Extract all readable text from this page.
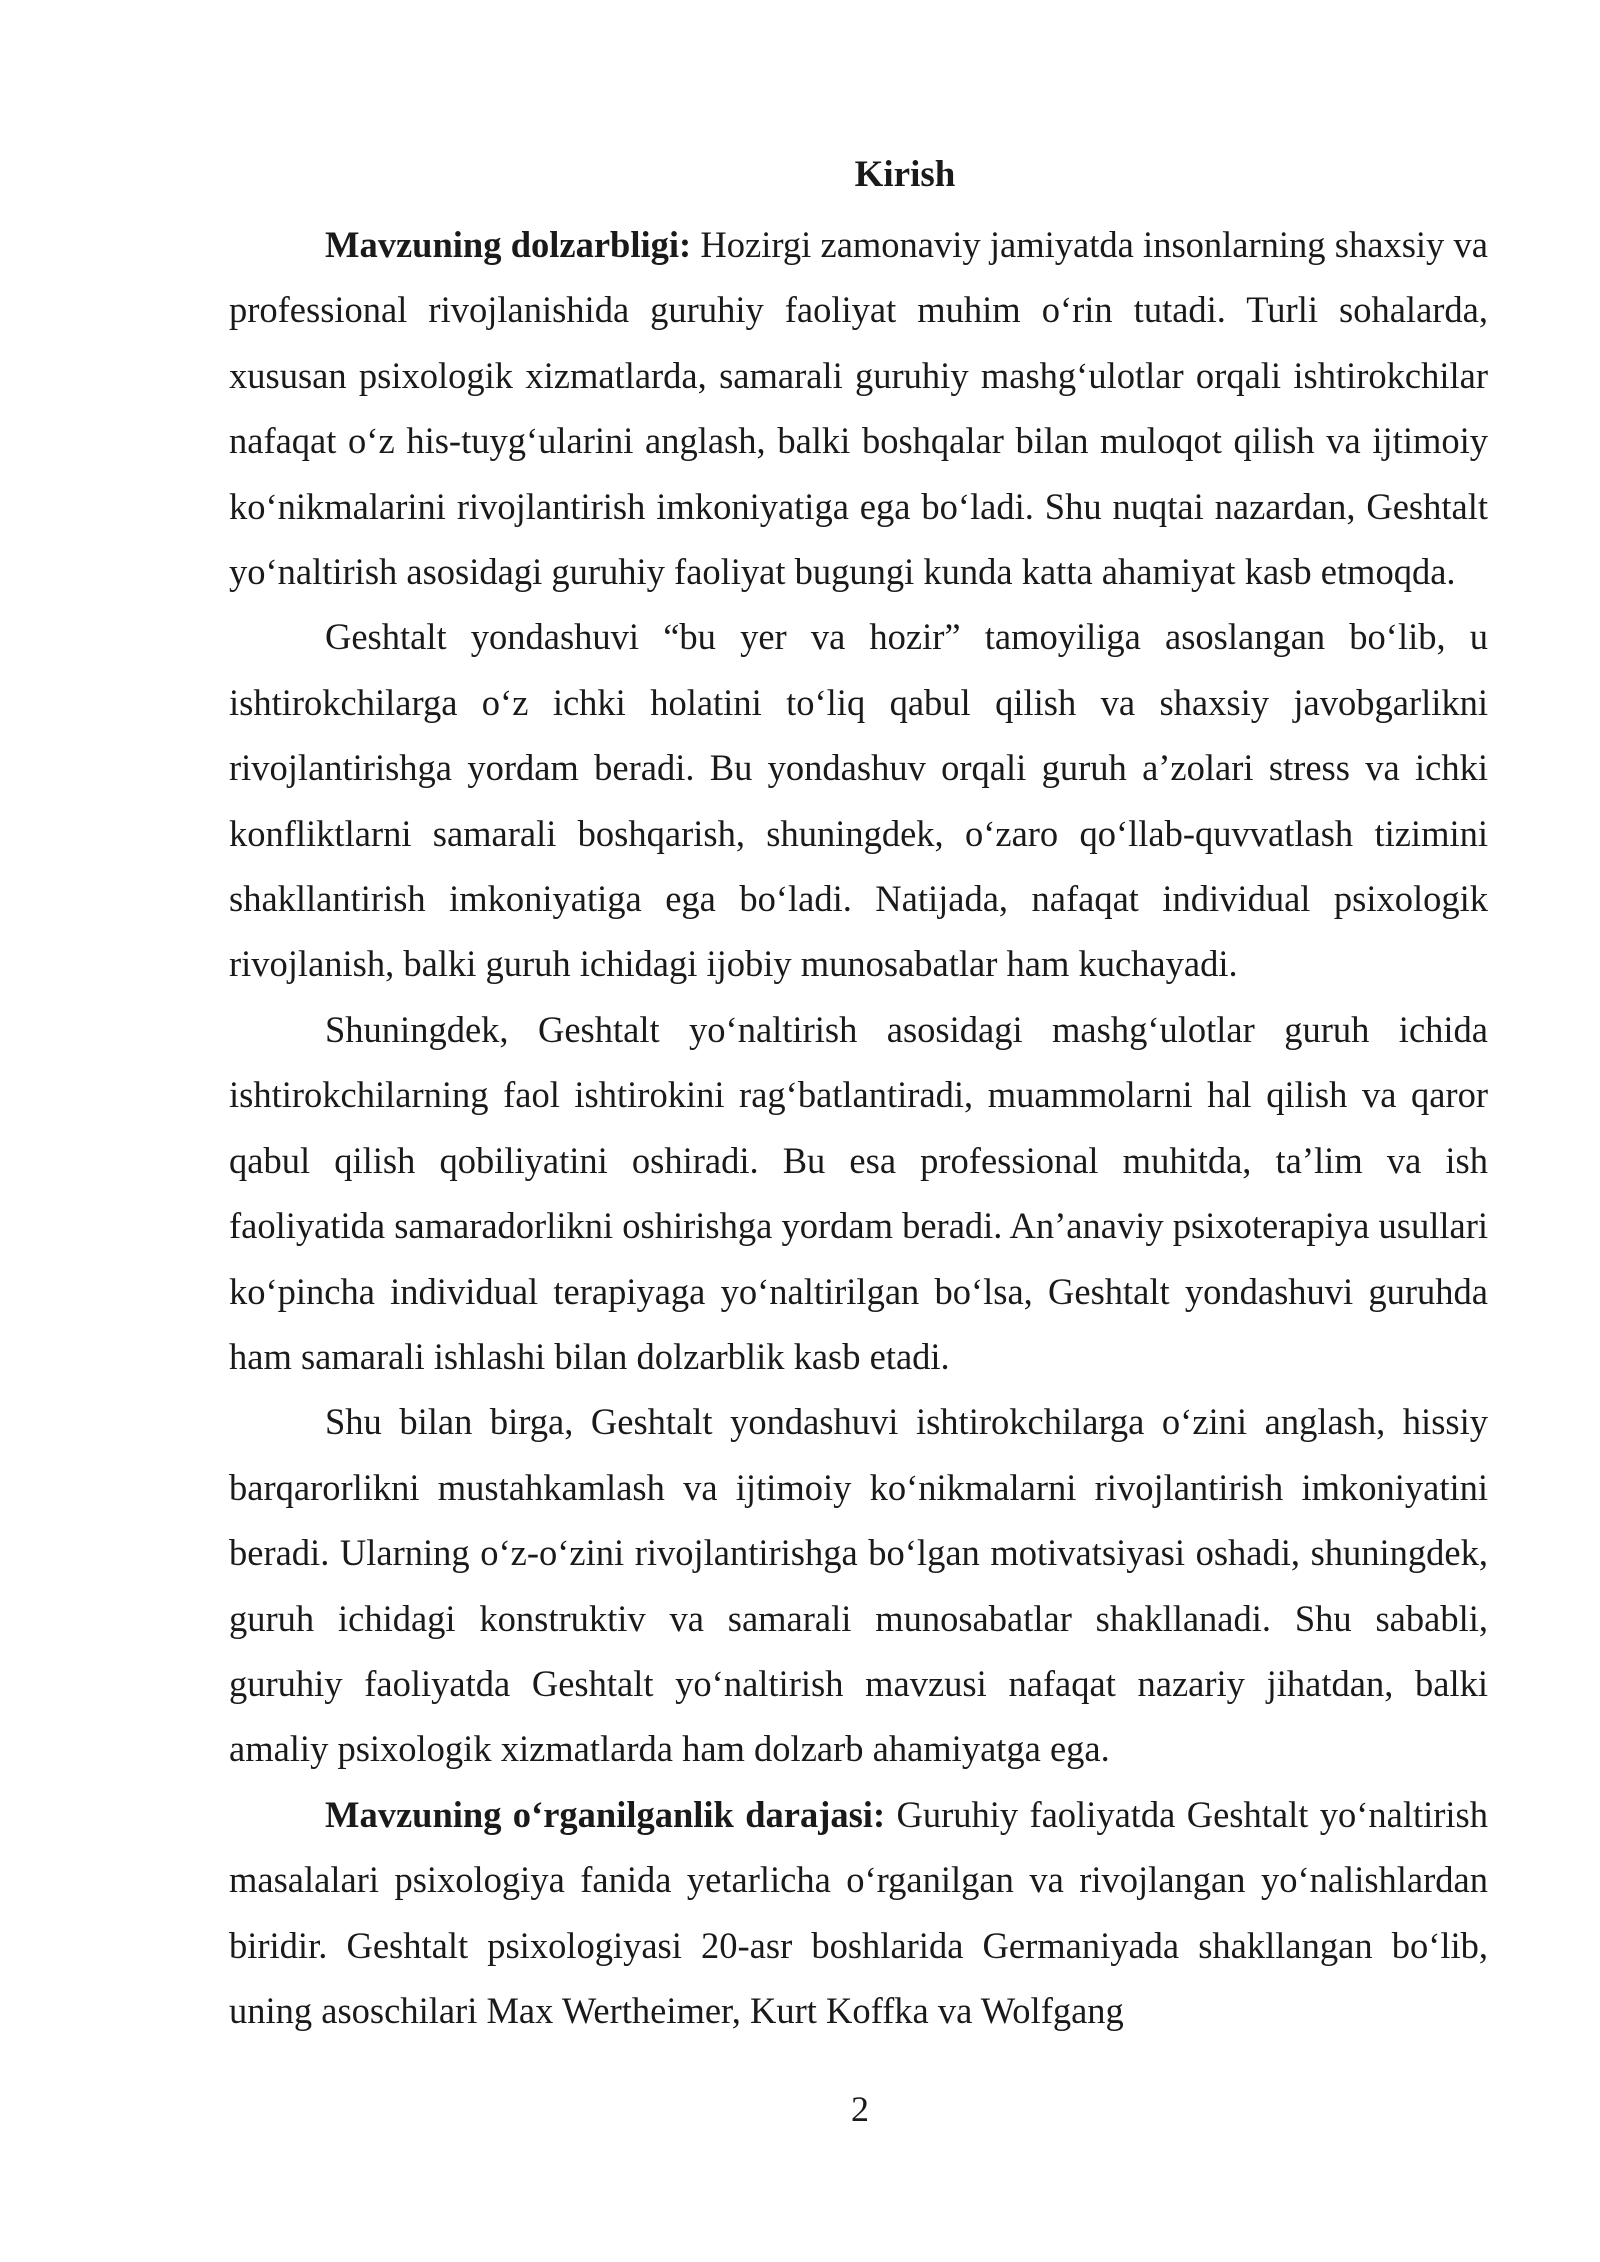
Kirish

Mavzuning dolzarbligi: Hozirgi zamonaviy jamiyatda insonlarning shaxsiy va professional rivojlanishida guruhiy faoliyat muhim o‘rin tutadi. Turli sohalarda, xususan psixologik xizmatlarda, samarali guruhiy mashg‘ulotlar orqali ishtirokchilar nafaqat o‘z his-tuyg‘ularini anglash, balki boshqalar bilan muloqot qilish va ijtimoiy ko‘nikmalarini rivojlantirish imkoniyatiga ega bo‘ladi. Shu nuqtai nazardan, Geshtalt yo‘naltirish asosidagi guruhiy faoliyat bugungi kunda katta ahamiyat kasb etmoqda.

Geshtalt yondashuvi “bu yer va hozir” tamoyiliga asoslangan bo‘lib, u ishtirokchilarga o‘z ichki holatini to‘liq qabul qilish va shaxsiy javobgarlikni rivojlantirishga yordam beradi. Bu yondashuv orqali guruh a’zolari stress va ichki konfliktlarni samarali boshqarish, shuningdek, o‘zaro qo‘llab-quvvatlash tizimini shakllantirish imkoniyatiga ega bo‘ladi. Natijada, nafaqat individual psixologik rivojlanish, balki guruh ichidagi ijobiy munosabatlar ham kuchayadi.

Shuningdek, Geshtalt yo‘naltirish asosidagi mashg‘ulotlar guruh ichida ishtirokchilarning faol ishtirokini rag‘batlantiradi, muammolarni hal qilish va qaror qabul qilish qobiliyatini oshiradi. Bu esa professional muhitda, ta’lim va ish faoliyatida samaradorlikni oshirishga yordam beradi. An’anaviy psixoterapiya usullari ko‘pincha individual terapiyaga yo‘naltirilgan bo‘lsa, Geshtalt yondashuvi guruhda ham samarali ishlashi bilan dolzarblik kasb etadi.

Shu bilan birga, Geshtalt yondashuvi ishtirokchilarga o‘zini anglash, hissiy barqarorlikni mustahkamlash va ijtimoiy ko‘nikmalarni rivojlantirish imkoniyatini beradi. Ularning o‘z-o‘zini rivojlantirishga bo‘lgan motivatsiyasi oshadi, shuningdek, guruh ichidagi konstruktiv va samarali munosabatlar shakllanadi. Shu sababli, guruhiy faoliyatda Geshtalt yo‘naltirish mavzusi nafaqat nazariy jihatdan, balki amaliy psixologik xizmatlarda ham dolzarb ahamiyatga ega.

Mavzuning o‘rganilganlik darajasi: Guruhiy faoliyatda Geshtalt yo‘naltirish masalalari psixologiya fanida yetarlicha o‘rganilgan va rivojlangan yo‘nalishlardan biridir. Geshtalt psixologiyasi 20-asr boshlarida Germaniyada shakllangan bo‘lib, uning asoschilari Max Wertheimer, Kurt Koffka va Wolfgang

2
